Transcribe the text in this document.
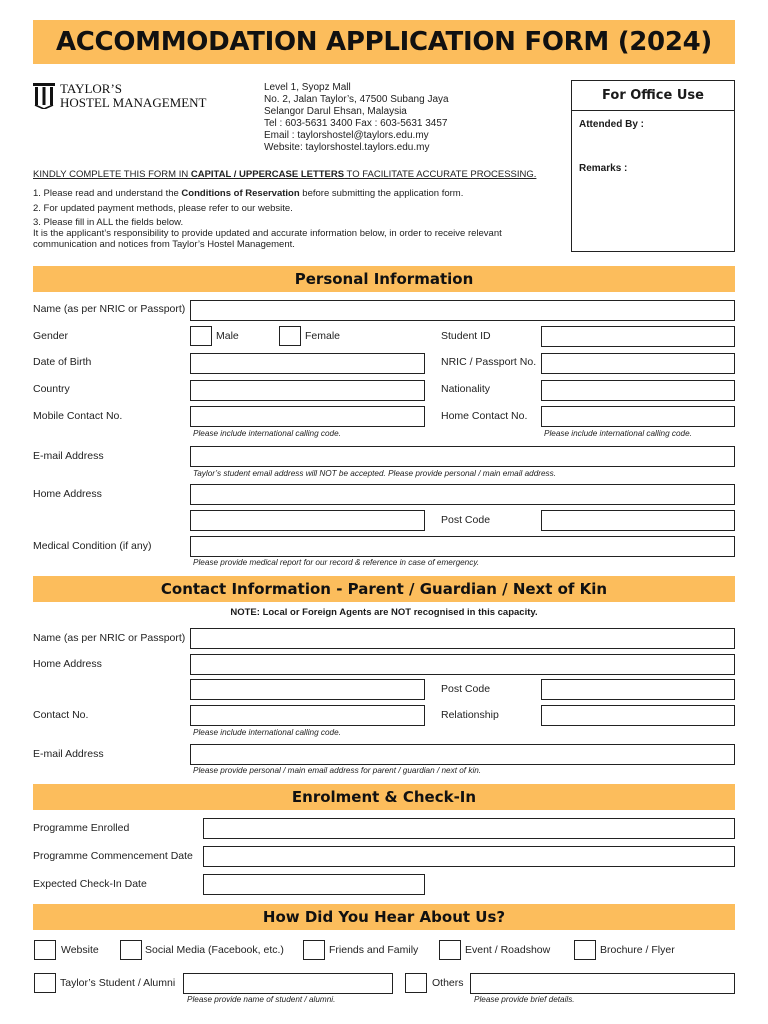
ACCOMMODATION APPLICATION FORM (2024)
TAYLOR’S
HOSTEL MANAGEMENT
Level 1, Syopz Mall
No. 2, Jalan Taylor’s, 47500 Subang Jaya
Selangor Darul Ehsan, Malaysia
Tel : 603-5631 3400 Fax : 603-5631 3457
Email : taylorshostel@taylors.edu.my
Website: taylorshostel.taylors.edu.my
For Office Use
Attended By :
Remarks :
KINDLY COMPLETE THIS FORM IN CAPITAL / UPPERCASE LETTERS TO FACILITATE ACCURATE PROCESSING.
1. Please read and understand the Conditions of Reservation before submitting the application form.
2. For updated payment methods, please refer to our website.
3. Please fill in ALL the fields below.
It is the applicant’s responsibility to provide updated and accurate information below, in order to receive relevant
communication and notices from Taylor’s Hostel Management.
Personal Information
Name (as per NRIC or Passport)
Gender	Male	Female	Student ID
Date of Birth	NRIC / Passport No.
Country	Nationality
Mobile Contact No.	Home Contact No.
Please include international calling code.	Please include international calling code.
E-mail Address
Taylor’s student email address will NOT be accepted. Please provide personal / main email address.
Home Address
Post Code
Medical Condition (if any)
Please provide medical report for our record & reference in case of emergency.
Contact Information - Parent / Guardian / Next of Kin
NOTE: Local or Foreign Agents are NOT recognised in this capacity.
Name (as per NRIC or Passport)
Home Address
Post Code
Contact No.	Relationship
Please include international calling code.
E-mail Address
Please provide personal / main email address for parent / guardian / next of kin.
Enrolment & Check-In
Programme Enrolled
Programme Commencement Date
Expected Check-In Date
How Did You Hear About Us?
Website	Social Media (Facebook, etc.)	Friends and Family	Event / Roadshow	Brochure / Flyer
Taylor’s Student / Alumni
Please provide name of student / alumni.
Others
Please provide brief details.
